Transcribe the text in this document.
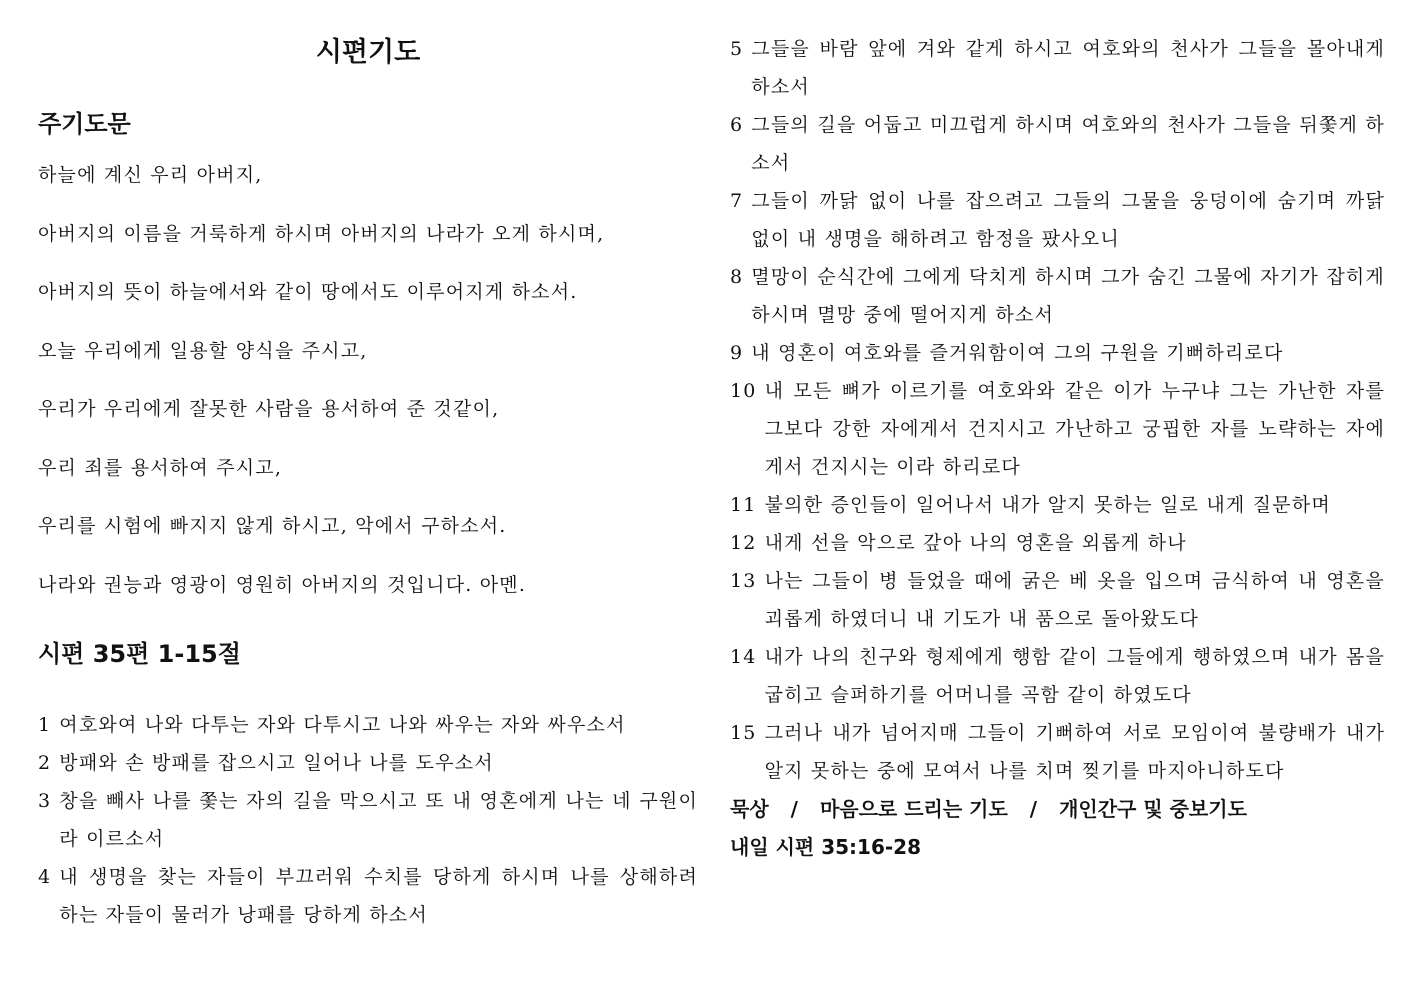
시편기도
주기도문
하늘에 계신 우리 아버지,
아버지의 이름을 거룩하게 하시며 아버지의 나라가 오게 하시며,
아버지의 뜻이 하늘에서와 같이 땅에서도 이루어지게 하소서.
오늘 우리에게 일용할 양식을 주시고,
우리가 우리에게 잘못한 사람을 용서하여 준 것같이,
우리 죄를 용서하여 주시고,
우리를 시험에 빠지지 않게 하시고, 악에서 구하소서.
나라와 권능과 영광이 영원히 아버지의 것입니다. 아멘.
시편 35편 1-15절
1 여호와여 나와 다투는 자와 다투시고 나와 싸우는 자와 싸우소서
2 방패와 손 방패를 잡으시고 일어나 나를 도우소서
3 창을 빼사 나를 쫓는 자의 길을 막으시고 또 내 영혼에게 나는 네 구원이라 이르소서
4 내 생명을 찾는 자들이 부끄러워 수치를 당하게 하시며 나를 상해하려 하는 자들이 물러가 낭패를 당하게 하소서
5 그들을 바람 앞에 겨와 같게 하시고 여호와의 천사가 그들을 몰아내게 하소서
6 그들의 길을 어둡고 미끄럽게 하시며 여호와의 천사가 그들을 뒤쫓게 하소서
7 그들이 까닭 없이 나를 잡으려고 그들의 그물을 웅덩이에 숨기며 까닭 없이 내 생명을 해하려고 함정을 팠사오니
8 멸망이 순식간에 그에게 닥치게 하시며 그가 숨긴 그물에 자기가 잡히게 하시며 멸망 중에 떨어지게 하소서
9 내 영혼이 여호와를 즐거워함이여 그의 구원을 기뻐하리로다
10 내 모든 뼈가 이르기를 여호와와 같은 이가 누구냐 그는 가난한 자를 그보다 강한 자에게서 건지시고 가난하고 궁핍한 자를 노략하는 자에게서 건지시는 이라 하리로다
11 불의한 증인들이 일어나서 내가 알지 못하는 일로 내게 질문하며
12 내게 선을 악으로 갚아 나의 영혼을 외롭게 하나
13 나는 그들이 병 들었을 때에 굵은 베 옷을 입으며 금식하여 내 영혼을 괴롭게 하였더니 내 기도가 내 품으로 돌아왔도다
14 내가 나의 친구와 형제에게 행함 같이 그들에게 행하였으며 내가 몸을 굽히고 슬퍼하기를 어머니를 곡함 같이 하였도다
15 그러나 내가 넘어지매 그들이 기뻐하여 서로 모임이여 불량배가 내가 알지 못하는 중에 모여서 나를 치며 찢기를 마지아니하도다
묵상 / 마음으로 드리는 기도 / 개인간구 및 중보기도
내일 시편 35:16-28
